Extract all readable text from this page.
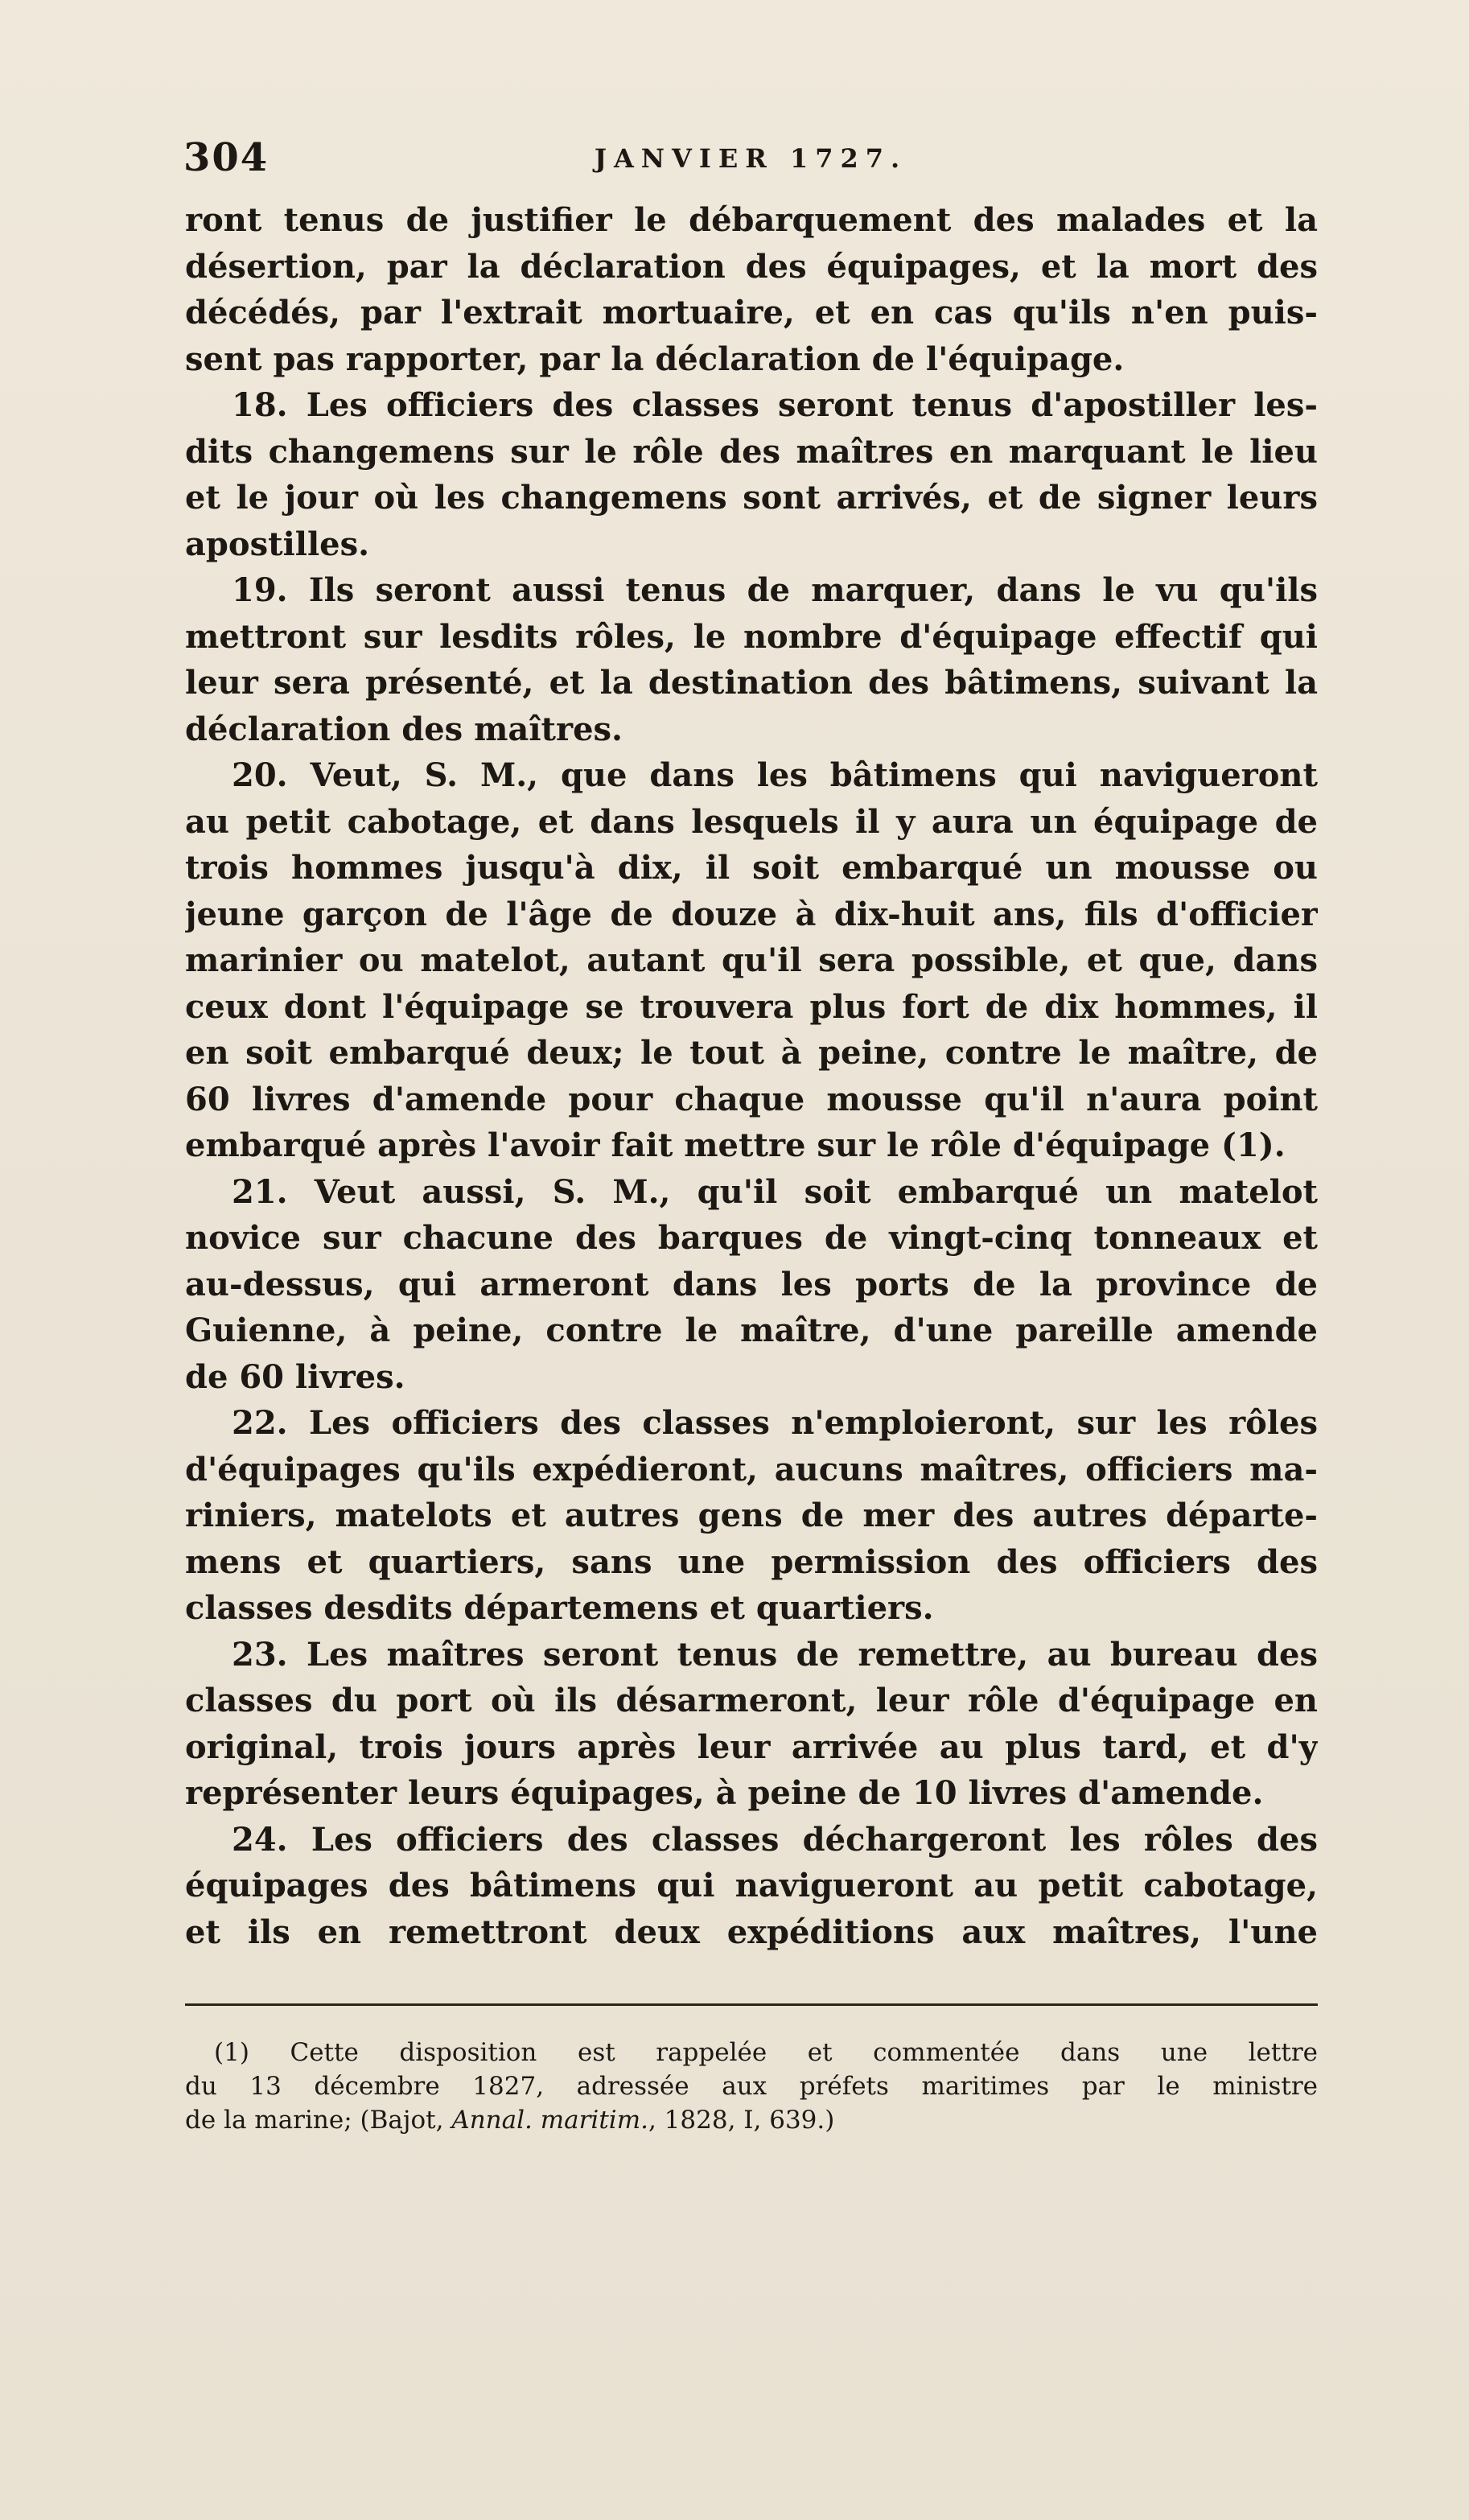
304	JANVIER 1727.
ront tenus de justifier le débarquement des malades et la
désertion, par la déclaration des équipages, et la mort des
décédés, par l'extrait mortuaire, et en cas qu'ils n'en puis-
sent pas rapporter, par la déclaration de l'équipage.
18. Les officiers des classes seront tenus d'apostiller les-
dits changemens sur le rôle des maîtres en marquant le lieu
et le jour où les changemens sont arrivés, et de signer leurs
apostilles.
19. Ils seront aussi tenus de marquer, dans le vu qu'ils
mettront sur lesdits rôles, le nombre d'équipage effectif qui
leur sera présenté, et la destination des bâtimens, suivant la
déclaration des maîtres.
20. Veut, S. M., que dans les bâtimens qui navigueront
au petit cabotage, et dans lesquels il y aura un équipage de
trois hommes jusqu'à dix, il soit embarqué un mousse ou
jeune garçon de l'âge de douze à dix-huit ans, fils d'officier
marinier ou matelot, autant qu'il sera possible, et que, dans
ceux dont l'équipage se trouvera plus fort de dix hommes, il
en soit embarqué deux; le tout à peine, contre le maître, de
60 livres d'amende pour chaque mousse qu'il n'aura point
embarqué après l'avoir fait mettre sur le rôle d'équipage (1).
21. Veut aussi, S. M., qu'il soit embarqué un matelot
novice sur chacune des barques de vingt-cinq tonneaux et
au-dessus, qui armeront dans les ports de la province de
Guienne, à peine, contre le maître, d'une pareille amende
de 60 livres.
22. Les officiers des classes n'emploieront, sur les rôles
d'équipages qu'ils expédieront, aucuns maîtres, officiers ma-
riniers, matelots et autres gens de mer des autres départe-
mens et quartiers, sans une permission des officiers des
classes desdits départemens et quartiers.
23. Les maîtres seront tenus de remettre, au bureau des
classes du port où ils désarmeront, leur rôle d'équipage en
original, trois jours après leur arrivée au plus tard, et d'y
représenter leurs équipages, à peine de 10 livres d'amende.
24. Les officiers des classes déchargeront les rôles des
équipages des bâtimens qui navigueront au petit cabotage,
et ils en remettront deux expéditions aux maîtres, l'une
(1) Cette disposition est rappelée et commentée dans une lettre
du 13 décembre 1827, adressée aux préfets maritimes par le ministre
de la marine; (Bajot, Annal. maritim., 1828, I, 639.)
